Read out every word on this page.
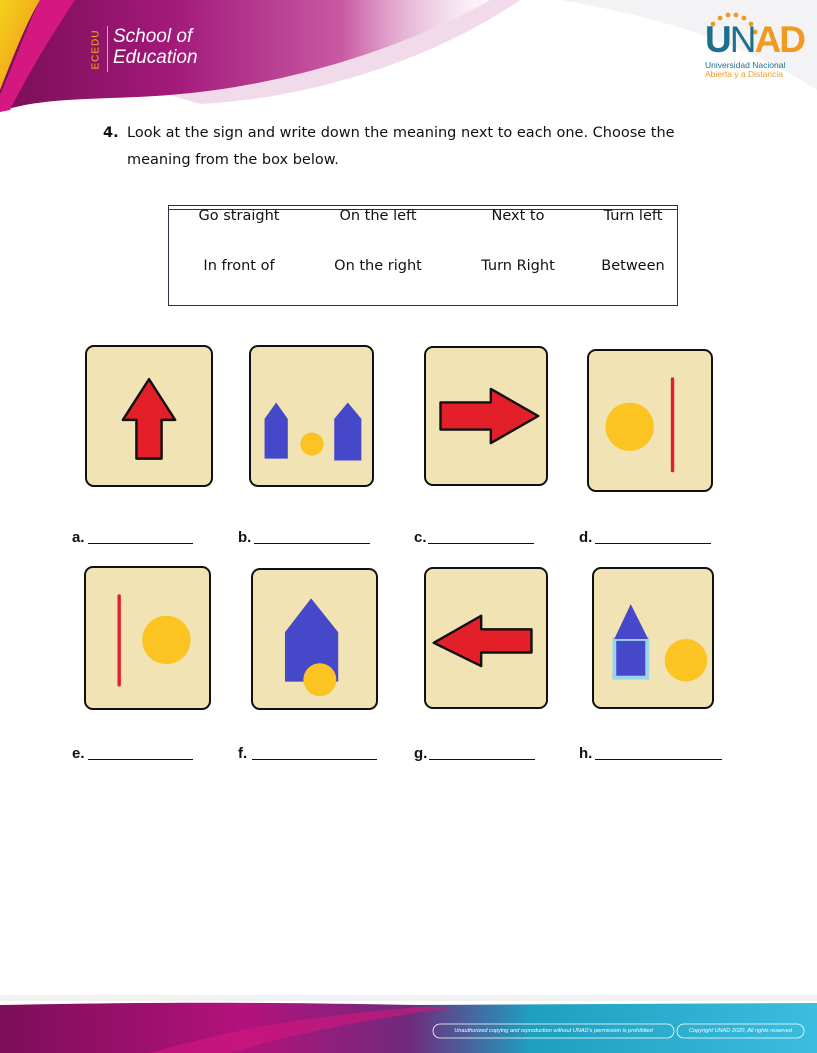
ECEDU School of
Education	UNAD
Universidad Nacional
Abierta y a Distancia
4. Look at the sign and write down the meaning next to each one. Choose the
meaning from the box below.
Go straight	On the left	Next to	Turn left
In front of	On the right	Turn Right	Between
a.	b.	c.	d.
e.	f.	g.	h.
Unauthorized copying and reproduction without UNAD's permission is prohibited	Copyright UNAD 2020, All rights reserved
